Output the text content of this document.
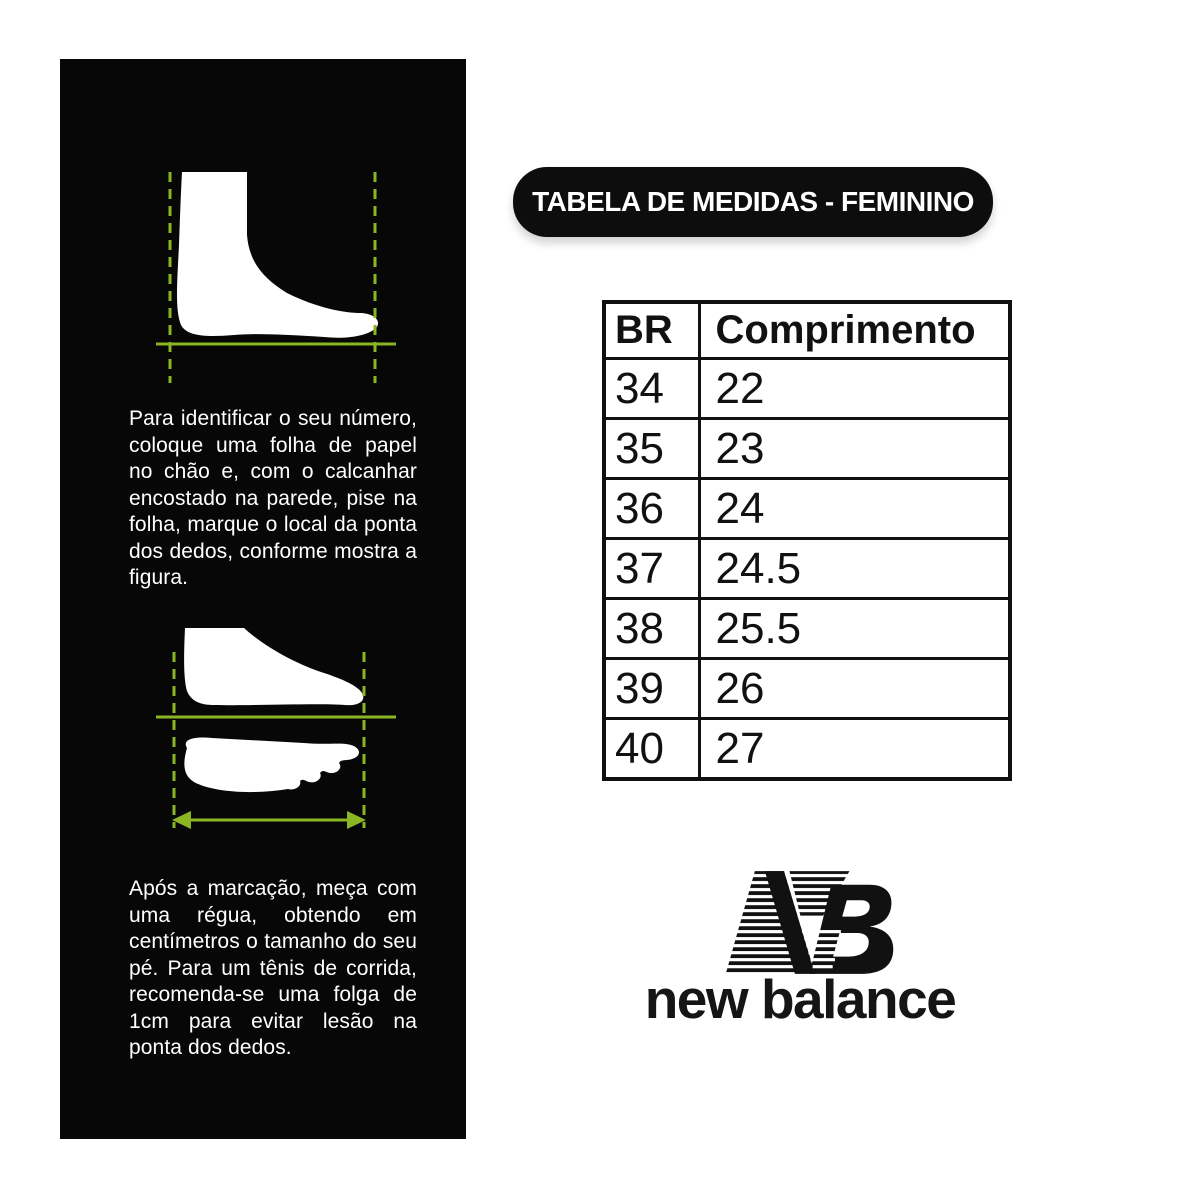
Para identificar o seu número, coloque uma folha de papel no chão e, com o calcanhar encostado na parede, pise na folha, marque o local da ponta dos dedos, conforme mostra a figura.

Após a marcação, meça com uma régua, obtendo em centímetros o tamanho do seu pé. Para um tênis de corrida, recomenda-se uma folga de 1cm para evitar lesão na ponta dos dedos.

TABELA DE MEDIDAS - FEMININO
BR	Comprimento
34	22
35	23
36	24
37	24.5
38	25.5
39	26
40	27
new balance
